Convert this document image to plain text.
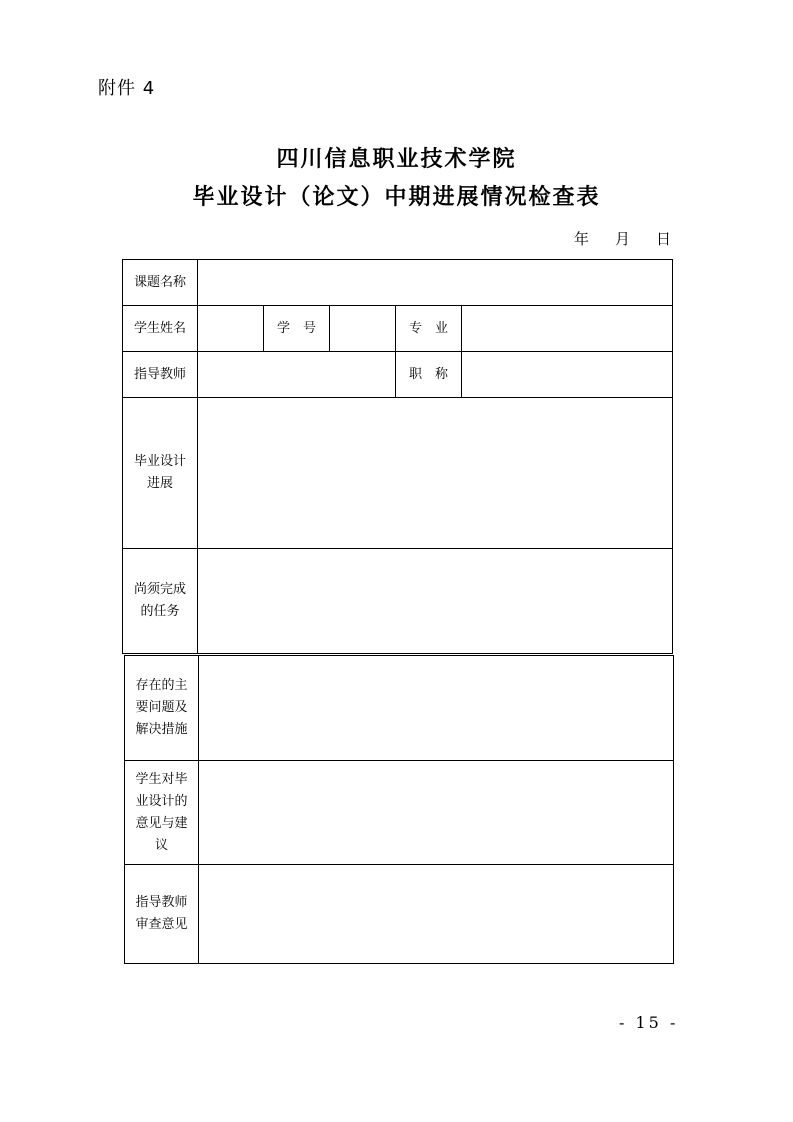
附件 4
四川信息职业技术学院
毕业设计（论文）中期进展情况检查表
年 月 日
课题名称					
学生姓名		学　号		专　业	
指导教师				职　称	

毕业设计
进展					

尚须完成
的任务					

存在的主
要问题及
解决措施	

学生对毕
业设计的
意见与建
议	

指导教师
审查意见	

- 15 -
